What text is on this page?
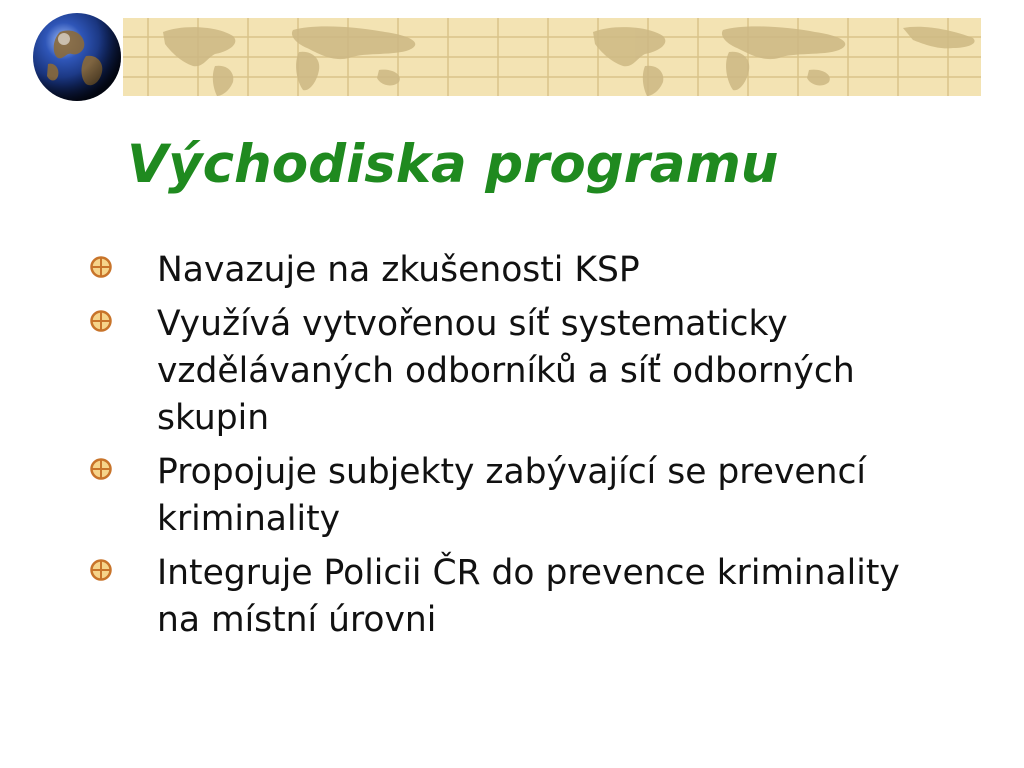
Východiska programu
Navazuje na zkušenosti KSP
Využívá vytvořenou síť systematicky vzdělávaných odborníků a síť odborných skupin
Propojuje subjekty zabývající se prevencí kriminality
Integruje Policii ČR do prevence kriminality na místní úrovni
